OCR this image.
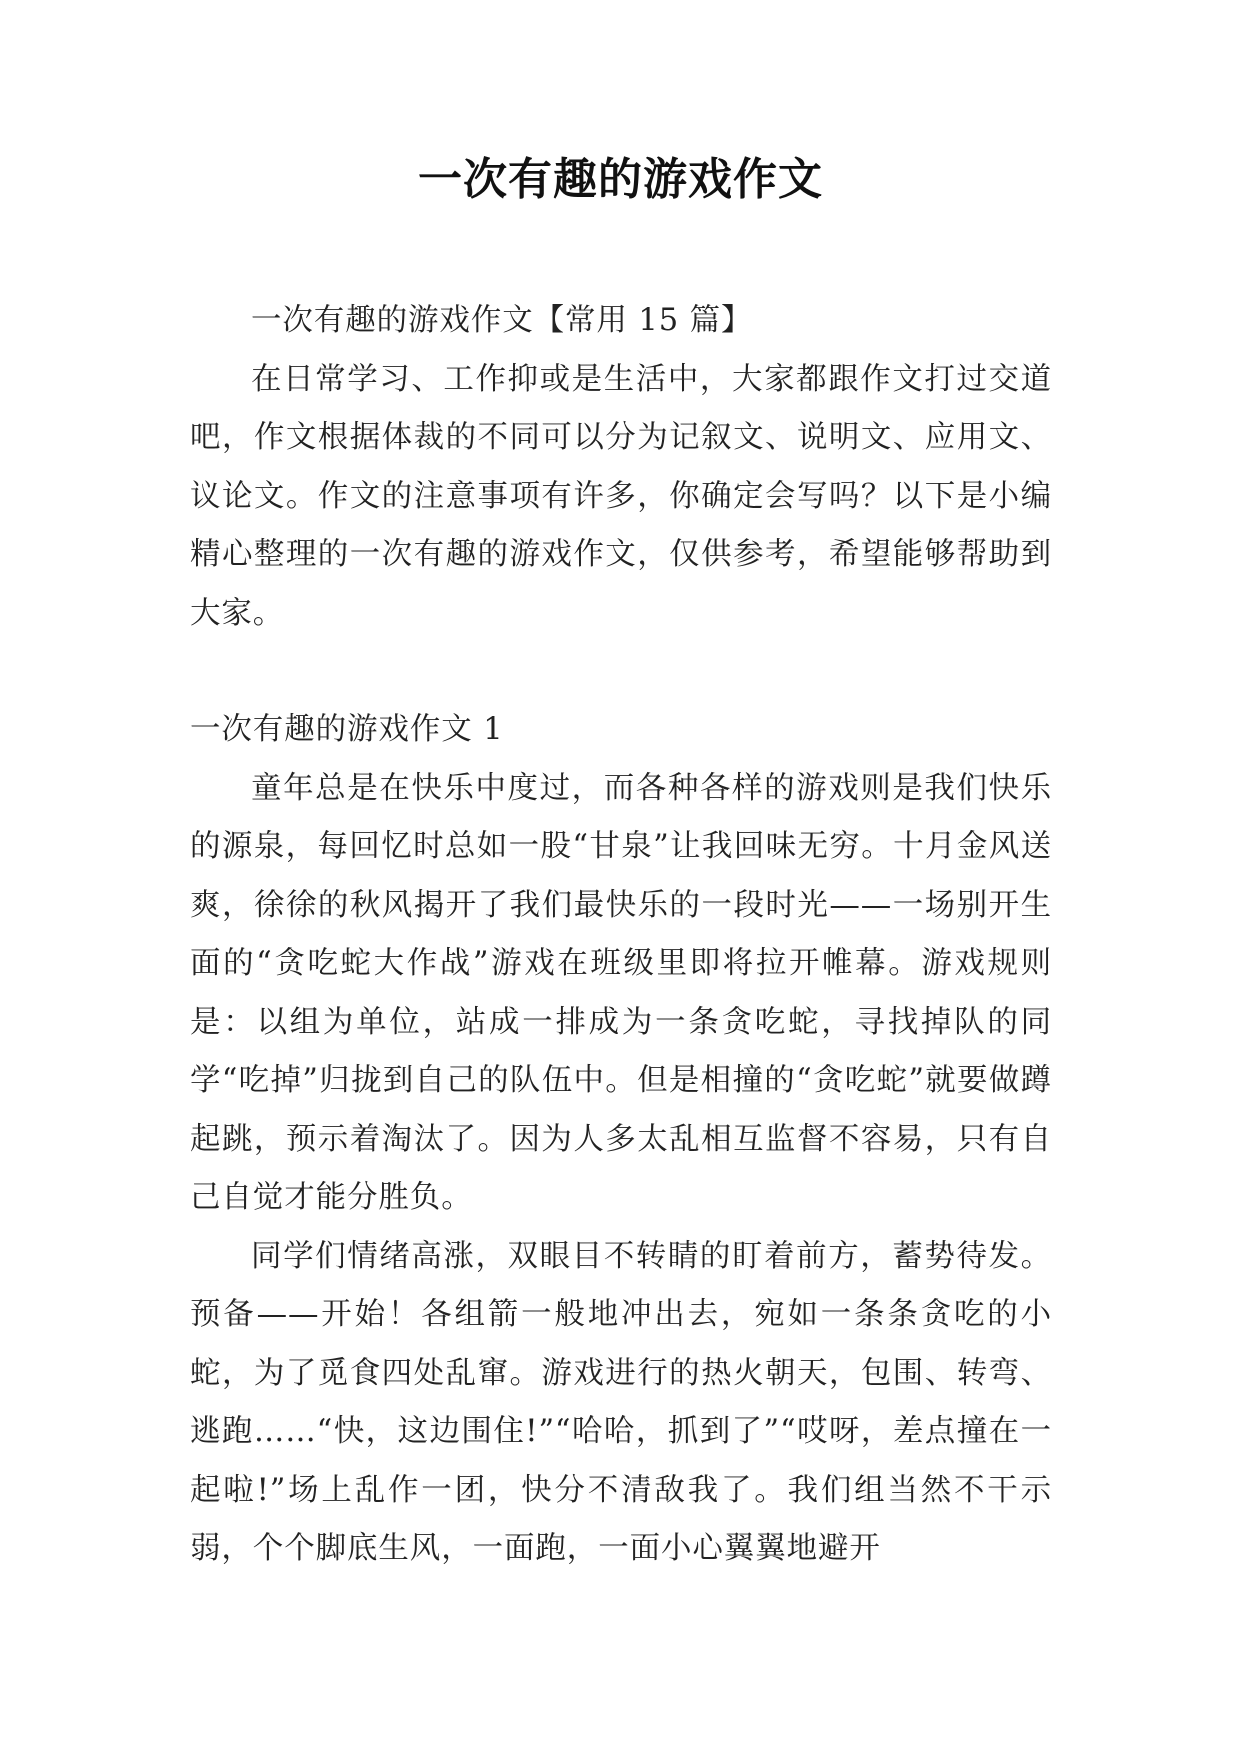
一次有趣的游戏作文

一次有趣的游戏作文【常用 15 篇】

在日常学习、工作抑或是生活中，大家都跟作文打过交道吧，作文根据体裁的不同可以分为记叙文、说明文、应用文、议论文。作文的注意事项有许多，你确定会写吗？以下是小编精心整理的一次有趣的游戏作文，仅供参考，希望能够帮助到大家。

一次有趣的游戏作文 1

童年总是在快乐中度过，而各种各样的游戏则是我们快乐的源泉，每回忆时总如一股“甘泉”让我回味无穷。十月金风送爽，徐徐的秋风揭开了我们最快乐的一段时光——一场别开生面的“贪吃蛇大作战”游戏在班级里即将拉开帷幕。游戏规则是：以组为单位，站成一排成为一条贪吃蛇，寻找掉队的同学“吃掉”归拢到自己的队伍中。但是相撞的“贪吃蛇”就要做蹲起跳，预示着淘汰了。因为人多太乱相互监督不容易，只有自己自觉才能分胜负。

同学们情绪高涨，双眼目不转睛的盯着前方，蓄势待发。预备——开始！各组箭一般地冲出去，宛如一条条贪吃的小蛇，为了觅食四处乱窜。游戏进行的热火朝天，包围、转弯、逃跑……“快，这边围住!”“哈哈，抓到了”“哎呀，差点撞在一起啦!”场上乱作一团，快分不清敌我了。我们组当然不干示弱，个个脚底生风，一面跑，一面小心翼翼地避开
